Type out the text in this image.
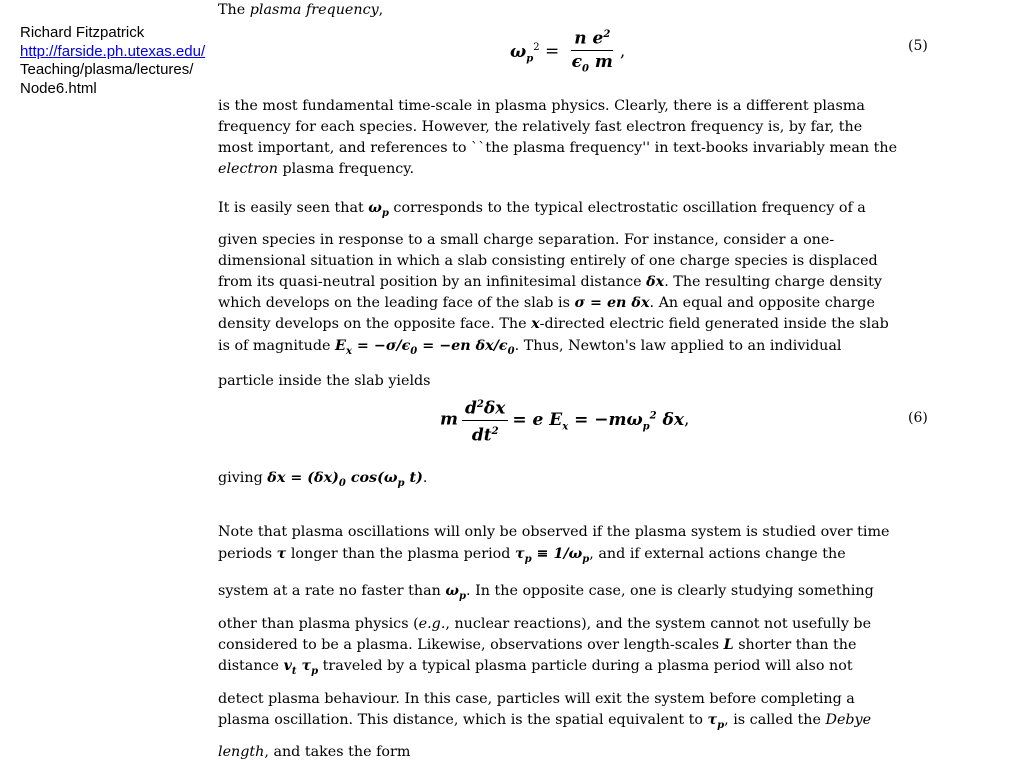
Richard Fitzpatrick
http://farside.ph.utexas.edu/
Teaching/plasma/lectures/
Node6.html
The plasma frequency,
$\omega_p^2 = \frac{n e^2}{\epsilon_0 m}$ ,	(5)
is the most fundamental time-scale in plasma physics. Clearly, there is a different plasma
frequency for each species. However, the relatively fast electron frequency is, by far, the
most important, and references to ``the plasma frequency'' in text-books invariably mean the
electron plasma frequency.
It is easily seen that $\omega_p$ corresponds to the typical electrostatic oscillation frequency of a
given species in response to a small charge separation. For instance, consider a one-
dimensional situation in which a slab consisting entirely of one charge species is displaced
from its quasi-neutral position by an infinitesimal distance δx. The resulting charge density
which develops on the leading face of the slab is σ = en δx. An equal and opposite charge
density develops on the opposite face. The x-directed electric field generated inside the slab
is of magnitude $E_x = -\sigma/\epsilon_0 = -en$ $\delta x/\epsilon_0$. Thus, Newton's law applied to an individual
particle inside the slab yields
m $\frac{d^2\delta x}{dt^2} = e$ $E_x = -m\omega_p^2$ δx,	(6)
giving $\delta x = (\delta x)_0$ $\cos(\omega_p$ t).
Note that plasma oscillations will only be observed if the plasma system is studied over time
periods τ longer than the plasma period $\tau_p \equiv 1/\omega_p$, and if external actions change the
system at a rate no faster than $\omega_p$. In the opposite case, one is clearly studying something
other than plasma physics (e.g., nuclear reactions), and the system cannot not usefully be
considered to be a plasma. Likewise, observations over length-scales L shorter than the
distance $v_t$ $\tau_p$ traveled by a typical plasma particle during a plasma period will also not
detect plasma behaviour. In this case, particles will exit the system before completing a
plasma oscillation. This distance, which is the spatial equivalent to $\tau_p$, is called the Debye
length, and takes the form
